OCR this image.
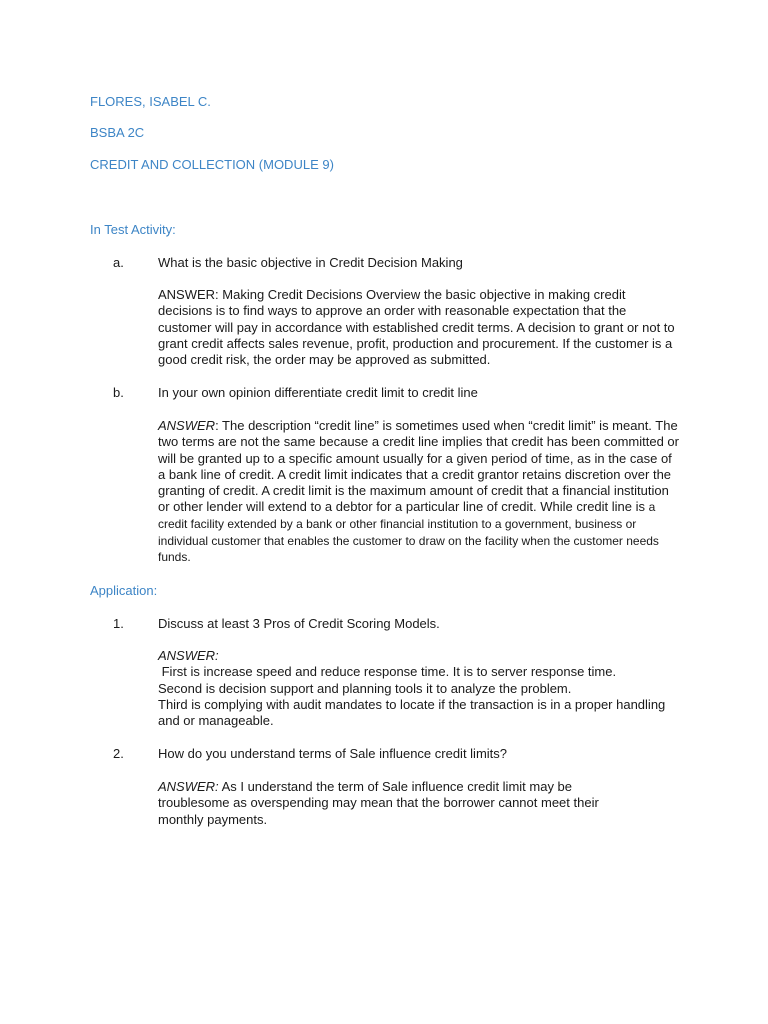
FLORES, ISABEL C.
BSBA 2C
CREDIT AND COLLECTION (MODULE 9)
In Test Activity:
a.	What is the basic objective in Credit Decision Making

ANSWER: Making Credit Decisions Overview the basic objective in making credit decisions is to find ways to approve an order with reasonable expectation that the customer will pay in accordance with established credit terms. A decision to grant or not to grant credit affects sales revenue, profit, production and procurement. If the customer is a good credit risk, the order may be approved as submitted.

b.	In your own opinion differentiate credit limit to credit line

ANSWER: The description “credit line” is sometimes used when “credit limit” is meant. The two terms are not the same because a credit line implies that credit has been committed or will be granted up to a specific amount usually for a given period of time, as in the case of a bank line of credit. A credit limit indicates that a credit grantor retains discretion over the granting of credit. A credit limit is the maximum amount of credit that a financial institution or other lender will extend to a debtor for a particular line of credit. While credit line is a credit facility extended by a bank or other financial institution to a government, business or individual customer that enables the customer to draw on the facility when the customer needs funds.

Application:
1.	Discuss at least 3 Pros of Credit Scoring Models.

ANSWER:

First is increase speed and reduce response time. It is to server response time.

Second is decision support and planning tools it to analyze the problem.

Third is complying with audit mandates to locate if the transaction is in a proper handling and or manageable.

2.	How do you understand terms of Sale influence credit limits?

ANSWER: As I understand the term of Sale influence credit limit may be troublesome as overspending may mean that the borrower cannot meet their monthly payments.
